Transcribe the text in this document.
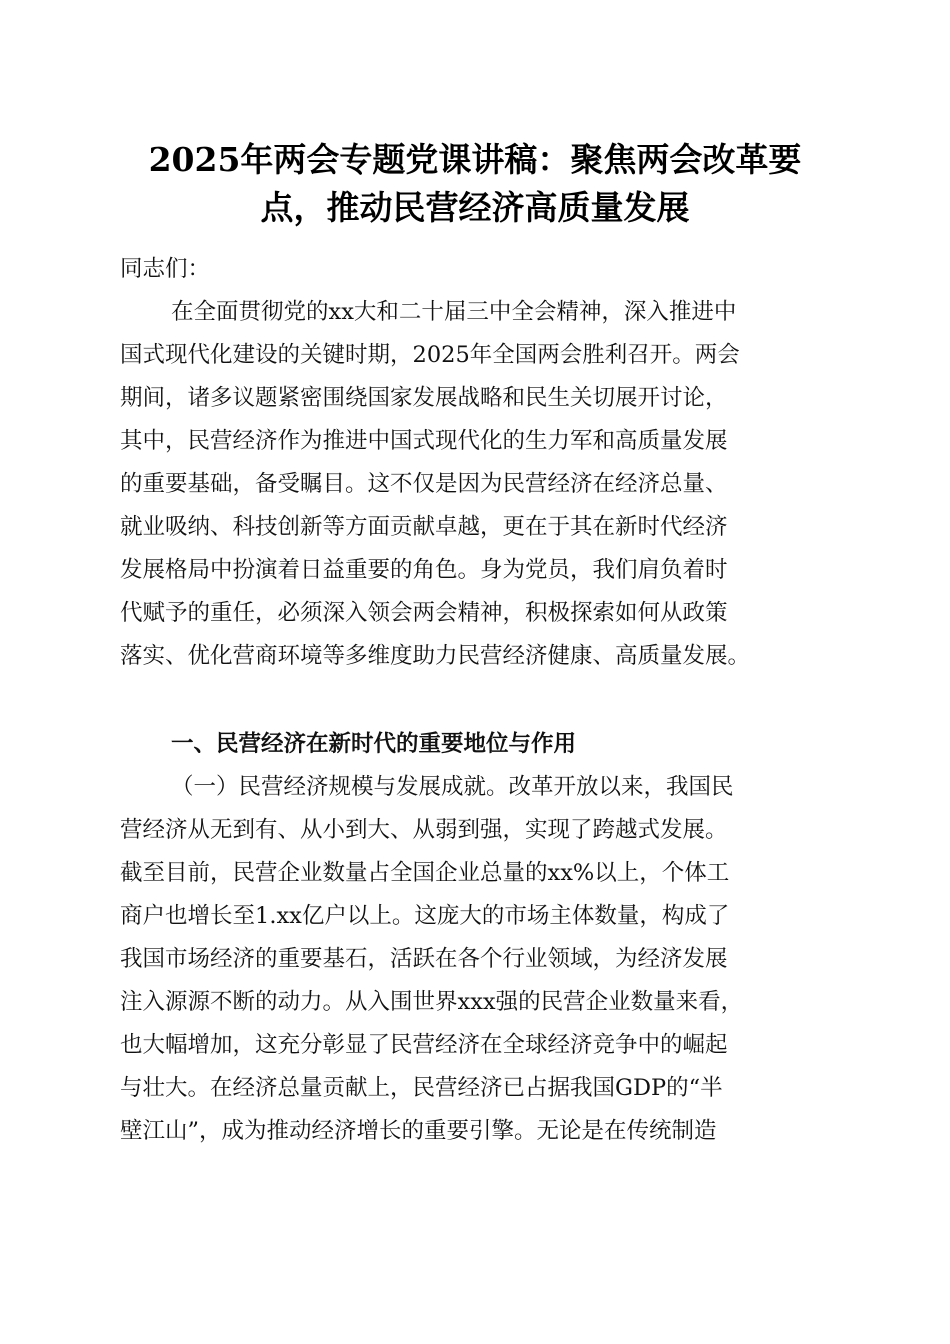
2025年两会专题党课讲稿：聚焦两会改革要
点，推动民营经济高质量发展

同志们：

在全面贯彻党的xx大和二十届三中全会精神，深入推进中
国式现代化建设的关键时期，2025年全国两会胜利召开。两会
期间，诸多议题紧密围绕国家发展战略和民生关切展开讨论，
其中，民营经济作为推进中国式现代化的生力军和高质量发展
的重要基础，备受瞩目。这不仅是因为民营经济在经济总量、
就业吸纳、科技创新等方面贡献卓越，更在于其在新时代经济
发展格局中扮演着日益重要的角色。身为党员，我们肩负着时
代赋予的重任，必须深入领会两会精神，积极探索如何从政策
落实、优化营商环境等多维度助力民营经济健康、高质量发展。
一、民营经济在新时代的重要地位与作用
（一）民营经济规模与发展成就。改革开放以来，我国民
营经济从无到有、从小到大、从弱到强，实现了跨越式发展。
截至目前，民营企业数量占全国企业总量的xx%以上，个体工
商户也增长至1.xx亿户以上。这庞大的市场主体数量，构成了
我国市场经济的重要基石，活跃在各个行业领域，为经济发展
注入源源不断的动力。从入围世界xxx强的民营企业数量来看，
也大幅增加，这充分彰显了民营经济在全球经济竞争中的崛起
与壮大。在经济总量贡献上，民营经济已占据我国GDP的“半
壁江山”，成为推动经济增长的重要引擎。无论是在传统制造
